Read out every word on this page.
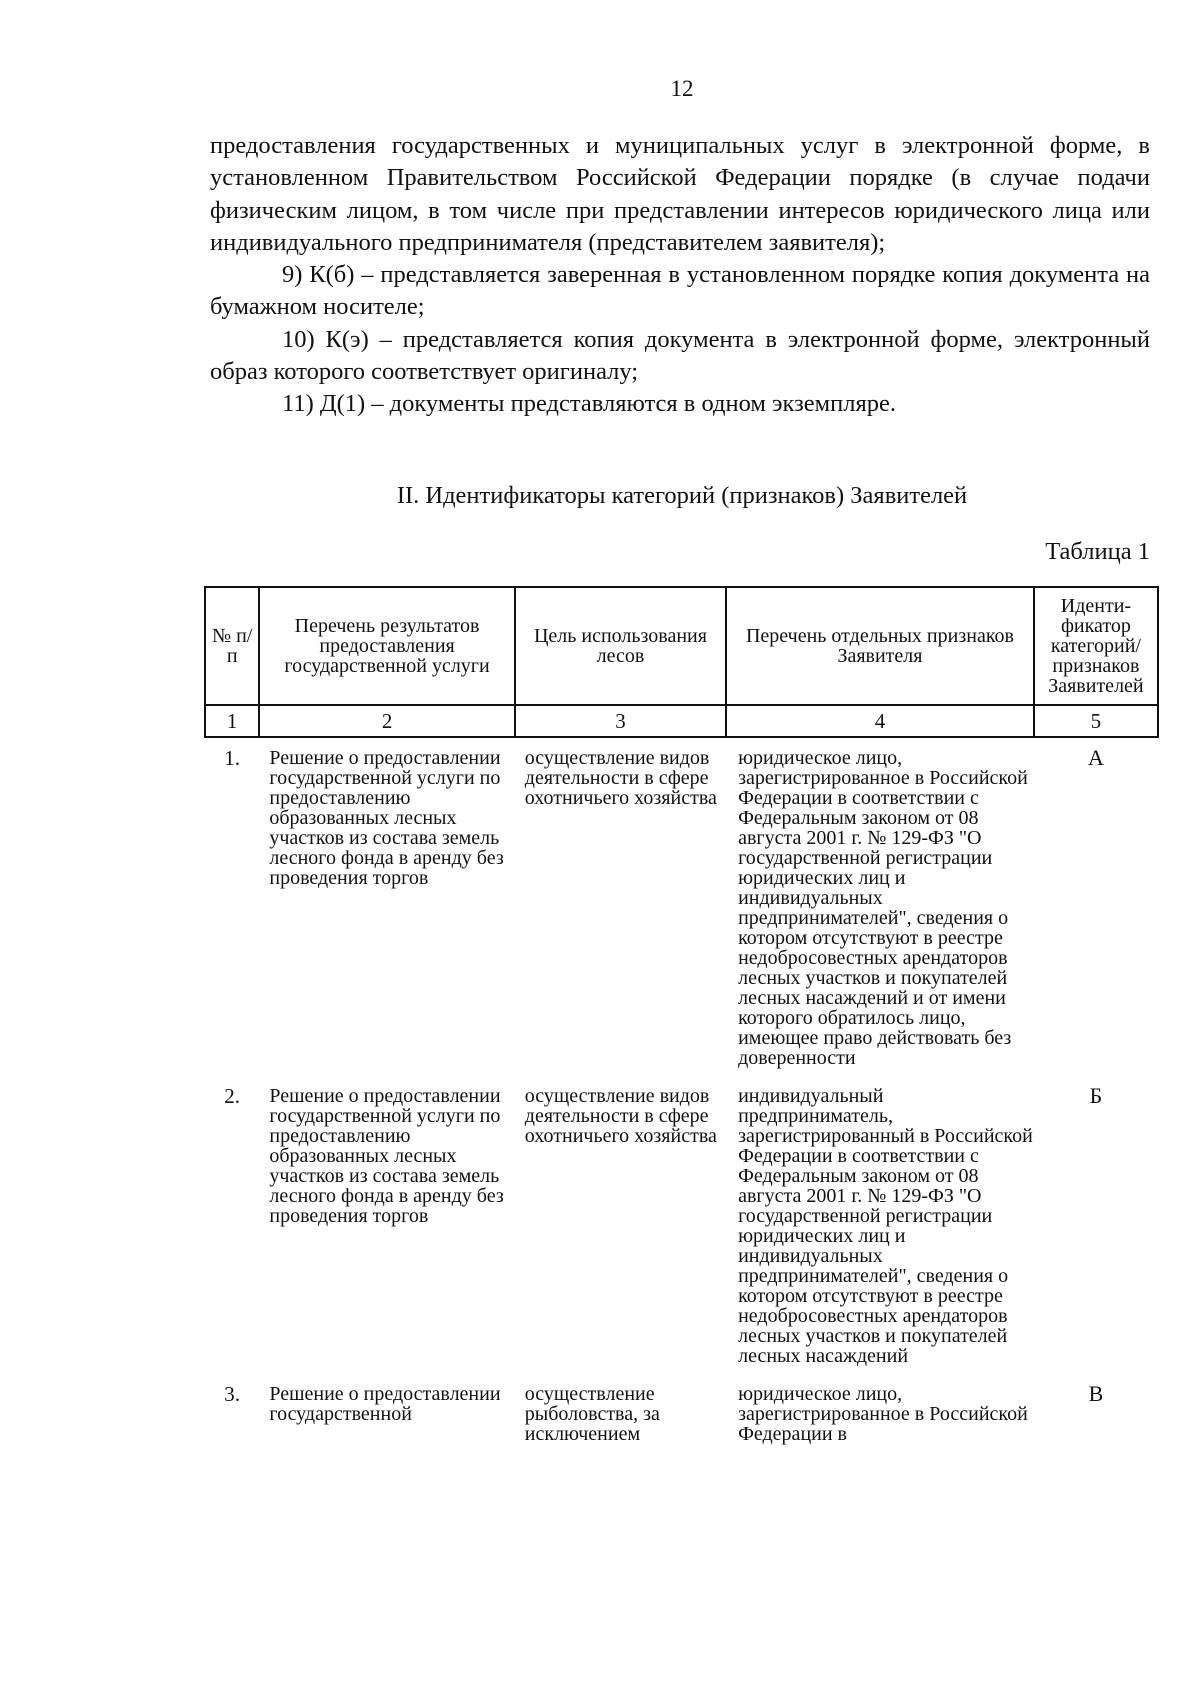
12

предоставления государственных и муниципальных услуг в электронной форме, в установленном Правительством Российской Федерации порядке (в случае подачи физическим лицом, в том числе при представлении интересов юридического лица или индивидуального предпринимателя (представителем заявителя);

9) К(б) – представляется заверенная в установленном порядке копия документа на бумажном носителе;

10) К(э) – представляется копия документа в электронной форме, электронный образ которого соответствует оригиналу;

11) Д(1) – документы представляются в одном экземпляре.

II. Идентификаторы категорий (признаков) Заявителей
Таблица 1
№ п/п	Перечень результатов предоставления государственной услуги	Цель использования лесов	Перечень отдельных признаков Заявителя	Иденти-фикатор категорий/ признаков Заявителей
1	2	3	4	5

1.	Решение о предоставлении государственной услуги по предоставлению образованных лесных участков из состава земель лесного фонда в аренду без проведения торгов	осуществление видов деятельности в сфере охотничьего хозяйства	юридическое лицо, зарегистрированное в Российской Федерации в соответствии с Федеральным законом от 08 августа 2001 г. № 129-ФЗ "О государственной регистрации юридических лиц и индивидуальных предпринимателей", сведения о котором отсутствуют в реестре недобросовестных арендаторов лесных участков и покупателей лесных насаждений и от имени которого обратилось лицо, имеющее право действовать без доверенности	А
2.	Решение о предоставлении государственной услуги по предоставлению образованных лесных участков из состава земель лесного фонда в аренду без проведения торгов	осуществление видов деятельности в сфере охотничьего хозяйства	индивидуальный предприниматель, зарегистрированный в Российской Федерации в соответствии с Федеральным законом от 08 августа 2001 г. № 129-ФЗ "О государственной регистрации юридических лиц и индивидуальных предпринимателей", сведения о котором отсутствуют в реестре недобросовестных арендаторов лесных участков и покупателей лесных насаждений	Б
3.	Решение о предоставлении государственной	осуществление рыболовства, за исключением	юридическое лицо, зарегистрированное в Российской Федерации в	В
